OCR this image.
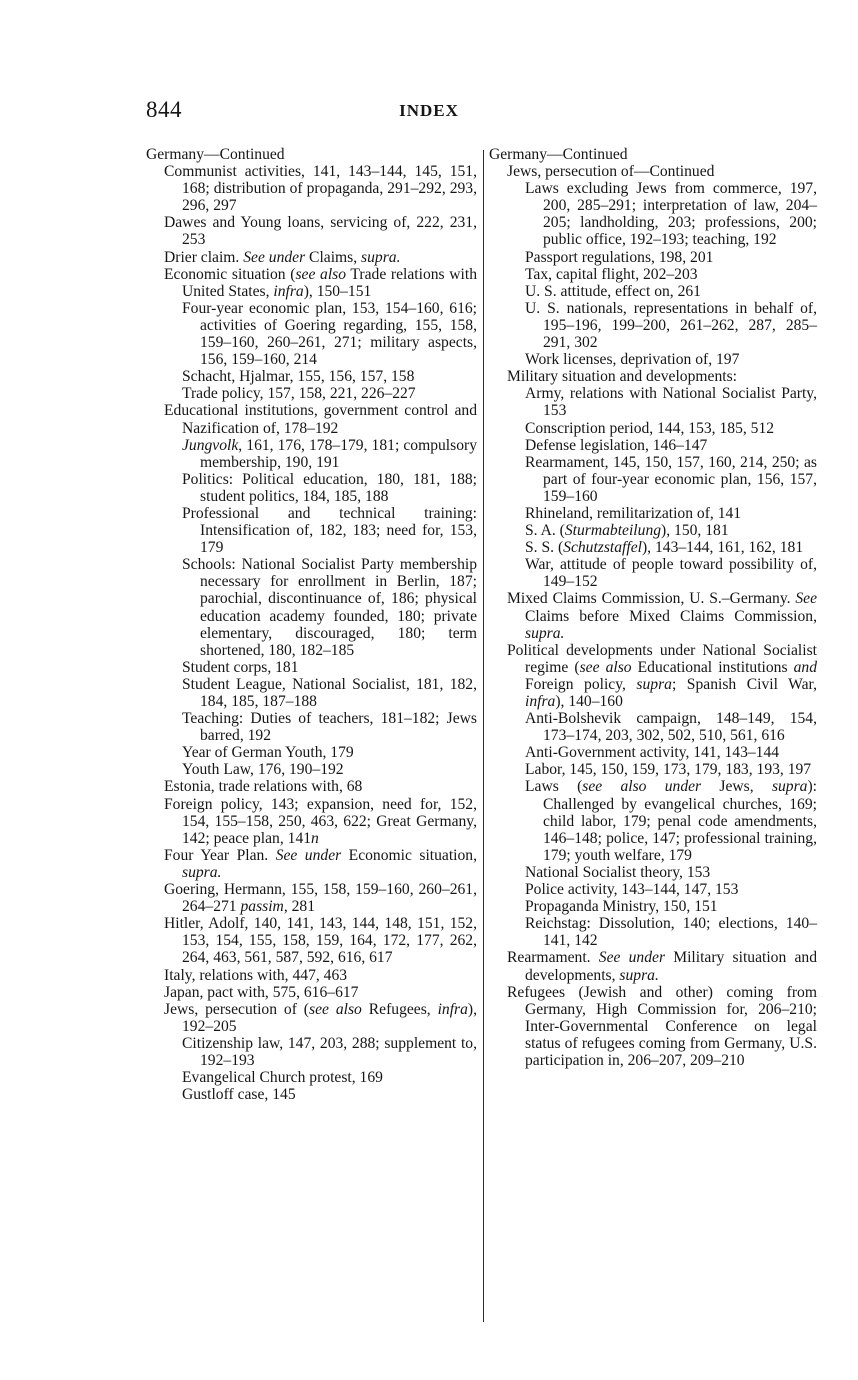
844	INDEX
Germany—Continued
Communist activities, 141, 143–144, 145, 151, 168; distribution of propaganda, 291–292, 293, 296, 297
Dawes and Young loans, servicing of, 222, 231, 253
Drier claim. See under Claims, supra.
Economic situation (see also Trade relations with United States, infra), 150–151
Four-year economic plan, 153, 154–160, 616; activities of Goering regarding, 155, 158, 159–160, 260–261, 271; military aspects, 156, 159–160, 214
Schacht, Hjalmar, 155, 156, 157, 158
Trade policy, 157, 158, 221, 226–227
Educational institutions, government control and Nazification of, 178–192
Jungvolk, 161, 176, 178–179, 181; compulsory membership, 190, 191
Politics: Political education, 180, 181, 188; student politics, 184, 185, 188
Professional and technical training: Intensification of, 182, 183; need for, 153, 179
Schools: National Socialist Party membership necessary for enrollment in Berlin, 187; parochial, discontinuance of, 186; physical education academy founded, 180; private elementary, discouraged, 180; term shortened, 180, 182–185
Student corps, 181
Student League, National Socialist, 181, 182, 184, 185, 187–188
Teaching: Duties of teachers, 181–182; Jews barred, 192
Year of German Youth, 179
Youth Law, 176, 190–192
Estonia, trade relations with, 68
Foreign policy, 143; expansion, need for, 152, 154, 155–158, 250, 463, 622; Great Germany, 142; peace plan, 141n
Four Year Plan. See under Economic situation, supra.
Goering, Hermann, 155, 158, 159–160, 260–261, 264–271 passim, 281
Hitler, Adolf, 140, 141, 143, 144, 148, 151, 152, 153, 154, 155, 158, 159, 164, 172, 177, 262, 264, 463, 561, 587, 592, 616, 617
Italy, relations with, 447, 463
Japan, pact with, 575, 616–617
Jews, persecution of (see also Refugees, infra), 192–205
Citizenship law, 147, 203, 288; supplement to, 192–193
Evangelical Church protest, 169
Gustloff case, 145
Germany—Continued
Jews, persecution of—Continued
Laws excluding Jews from commerce, 197, 200, 285–291; interpretation of law, 204–205; landholding, 203; professions, 200; public office, 192–193; teaching, 192
Passport regulations, 198, 201
Tax, capital flight, 202–203
U. S. attitude, effect on, 261
U. S. nationals, representations in behalf of, 195–196, 199–200, 261–262, 287, 285–291, 302
Work licenses, deprivation of, 197
Military situation and developments:
Army, relations with National Socialist Party, 153
Conscription period, 144, 153, 185, 512
Defense legislation, 146–147
Rearmament, 145, 150, 157, 160, 214, 250; as part of four-year economic plan, 156, 157, 159–160
Rhineland, remilitarization of, 141
S. A. (Sturmabteilung), 150, 181
S. S. (Schutzstaffel), 143–144, 161, 162, 181
War, attitude of people toward possibility of, 149–152
Mixed Claims Commission, U. S.–Germany. See Claims before Mixed Claims Commission, supra.
Political developments under National Socialist regime (see also Educational institutions and Foreign policy, supra; Spanish Civil War, infra), 140–160
Anti-Bolshevik campaign, 148–149, 154, 173–174, 203, 302, 502, 510, 561, 616
Anti-Government activity, 141, 143–144
Labor, 145, 150, 159, 173, 179, 183, 193, 197
Laws (see also under Jews, supra): Challenged by evangelical churches, 169; child labor, 179; penal code amendments, 146–148; police, 147; professional training, 179; youth welfare, 179
National Socialist theory, 153
Police activity, 143–144, 147, 153
Propaganda Ministry, 150, 151
Reichstag: Dissolution, 140; elections, 140–141, 142
Rearmament. See under Military situation and developments, supra.
Refugees (Jewish and other) coming from Germany, High Commission for, 206–210; Inter-Governmental Conference on legal status of refugees coming from Germany, U.S. participation in, 206–207, 209–210
